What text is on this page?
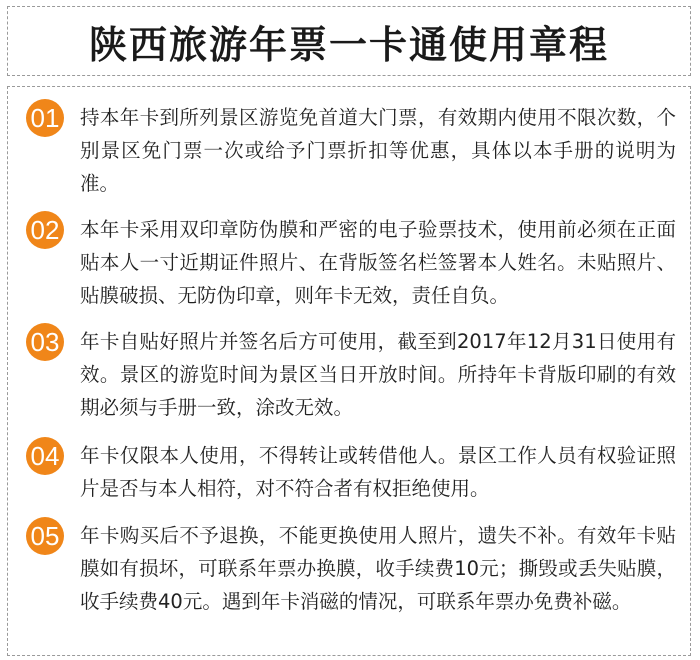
陕西旅游年票一卡通使用章程
01 持本年卡到所列景区游览免首道大门票，有效期内使用不限次数，个别景区免门票一次或给予门票折扣等优惠，具体以本手册的说明为准。
02 本年卡采用双印章防伪膜和严密的电子验票技术，使用前必须在正面贴本人一寸近期证件照片、在背版签名栏签署本人姓名。未贴照片、贴膜破损、无防伪印章，则年卡无效，责任自负。
03 年卡自贴好照片并签名后方可使用，截至到2017年12月31日使用有效。景区的游览时间为景区当日开放时间。所持年卡背版印刷的有效期必须与手册一致，涂改无效。
04 年卡仅限本人使用，不得转让或转借他人。景区工作人员有权验证照片是否与本人相符，对不符合者有权拒绝使用。
05 年卡购买后不予退换，不能更换使用人照片，遗失不补。有效年卡贴膜如有损坏，可联系年票办换膜，收手续费10元；撕毁或丢失贴膜，收手续费40元。遇到年卡消磁的情况，可联系年票办免费补磁。
